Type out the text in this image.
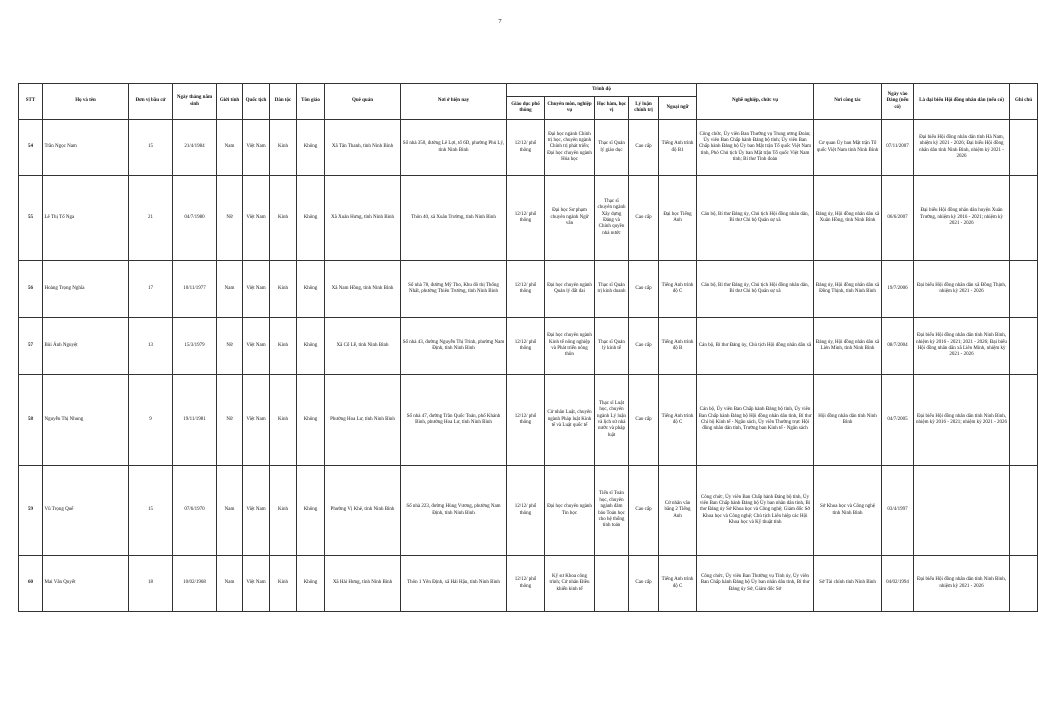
7
STT	Họ và tên	Đơn vị bầu cử	Ngày tháng năm sinh	Giới tính	Quốc tịch	Dân tộc	Tôn giáo	Quê quán	Nơi ở hiện nay	Trình độ					Nghề nghiệp, chức vụ	Nơi công tác	Ngày vào Đảng (nếu có)	Là đại biểu Hội đồng nhân dân (nếu có)	Ghi chú
										Giáo dục phổ thông	Chuyên môn, nghiệp vụ	Học hàm, học vị	Lý luận chính trị	Ngoại ngữ					
54	Trần Ngọc Nam	15	21/4/1984	Nam	Việt Nam	Kinh	Không	Xã Tân Thanh, tỉnh Ninh Bình	Số nhà 350, đường Lê Lợi, tổ 6D, phường Phủ Lý, tỉnh Ninh Bình	12/12/ phổ thông	Đại học ngành Chính trị học, chuyên ngành Chính trị phát triển; Đại học chuyên ngành Hóa học	Thạc sĩ Quản lý giáo dục	Cao cấp	Tiếng Anh trình độ B1	Công chức, Ủy viên Ban Thường vụ Trung ương Đoàn; Ủy viên Ban Chấp hành Đảng bộ tỉnh; Ủy viên Ban Chấp hành Đảng bộ Ủy ban Mặt trận Tổ quốc Việt Nam tỉnh, Phó Chủ tịch Ủy ban Mặt trận Tổ quốc Việt Nam tỉnh; Bí thư Tỉnh đoàn	Cơ quan Ủy ban Mặt trận Tổ quốc Việt Nam tỉnh Ninh Bình	07/11/2007	Đại biểu Hội đồng nhân dân tỉnh Hà Nam, nhiệm kỳ 2021 - 2026; Đại biểu Hội đồng nhân dân tỉnh Ninh Bình, nhiệm kỳ 2021 - 2026	
55	Lê Thị Tố Nga	21	04/7/1980	Nữ	Việt Nam	Kinh	Không	Xã Xuân Hưng, tỉnh Ninh Bình	Thôn 40, xã Xuân Trường, tỉnh Ninh Bình	12/12/ phổ thông	Đại học Sư phạm chuyên ngành Ngữ văn	Thạc sĩ chuyên ngành Xây dựng Đảng và Chính quyền nhà nước	Cao cấp	Đại học Tiếng Anh	Cán bộ, Bí thư Đảng ủy, Chủ tịch Hội đồng nhân dân, Bí thư Chi bộ Quân sự xã	Đảng ủy, Hội đồng nhân dân xã Xuân Hồng, tỉnh Ninh Bình	06/6/2007	Đại biểu Hội đồng nhân dân huyện Xuân Trường, nhiệm kỳ 2016 - 2021; nhiệm kỳ 2021 - 2026	
56	Hoàng Trọng Nghĩa	17	10/11/1977	Nam	Việt Nam	Kinh	Không	Xã Nam Hồng, tỉnh Ninh Bình	Số nhà 78, đường Mỹ Tho, Khu đô thị Thống Nhất, phường Thiên Trường, tỉnh Ninh Bình	12/12/ phổ thông	Đại học chuyên ngành Quản lý đất đai	Thạc sĩ Quản trị kinh doanh	Cao cấp	Tiếng Anh trình độ C	Cán bộ, Bí thư Đảng ủy, Chủ tịch Hội đồng nhân dân, Bí thư Chi bộ Quân sự xã	Đảng ủy, Hội đồng nhân dân xã Đồng Thịnh, tỉnh Ninh Bình	19/7/2006	Đại biểu Hội đồng nhân dân xã Đồng Thịnh, nhiệm kỳ 2021 - 2026	
57	Bùi Ánh Nguyệt	13	15/3/1979	Nữ	Việt Nam	Kinh	Không	Xã Cổ Lễ, tỉnh Ninh Bình	Số nhà 43, đường Nguyễn Thị Trinh, phường Nam Định, tỉnh Ninh Bình	12/12/ phổ thông	Đại học chuyên ngành Kinh tế nông nghiệp và Phát triển nông thôn	Thạc sĩ Quản lý kinh tế	Cao cấp	Tiếng Anh trình độ B	Cán bộ, Bí thư Đảng ủy, Chủ tịch Hội đồng nhân dân xã	Đảng ủy, Hội đồng nhân dân xã Liên Minh, tỉnh Ninh Bình	08/7/2004	Đại biểu Hội đồng nhân dân tỉnh Ninh Bình, nhiệm kỳ 2016 - 2021; 2021 - 2026; Đại biểu Hội đồng nhân dân xã Liên Minh, nhiệm kỳ 2021 - 2026	
58	Nguyễn Thị Nhung	9	19/11/1981	Nữ	Việt Nam	Kinh	Không	Phường Hoa Lư, tỉnh Ninh Bình	Số nhà 47, đường Trần Quốc Toản, phố Khánh Bình, phường Hoa Lư, tỉnh Ninh Bình	12/12/ phổ thông	Cử nhân Luật, chuyên ngành Pháp luật Kinh tế và Luật quốc tế	Thạc sĩ Luật học, chuyên ngành Lý luận và lịch sử nhà nước và pháp luật	Cao cấp	Tiếng Anh trình độ C	Cán bộ, Ủy viên Ban Chấp hành Đảng bộ tỉnh, Ủy viên Ban Chấp hành Đảng bộ Hội đồng nhân dân tỉnh, Bí thư Chi bộ Kinh tế - Ngân sách, Ủy viên Thường trực Hội đồng nhân dân tỉnh, Trưởng ban Kinh tế - Ngân sách	Hội đồng nhân dân tỉnh Ninh Bình	04/7/2005	Đại biểu Hội đồng nhân dân tỉnh Ninh Bình, nhiệm kỳ 2016 - 2021; nhiệm kỳ 2021 - 2026	
59	Vũ Trọng Quế	15	07/6/1970	Nam	Việt Nam	Kinh	Không	Phường Vị Khê, tỉnh Ninh Bình	Số nhà 223, đường Hùng Vương, phường Nam Định, tỉnh Ninh Bình	12/12/ phổ thông	Đại học chuyên ngành Tin học	Tiến sĩ Toán học, chuyên ngành đảm bảo Toán học cho hệ thống tính toán	Cao cấp	Cử nhân văn bằng 2 Tiếng Anh	Công chức, Ủy viên Ban Chấp hành Đảng bộ tỉnh, Ủy viên Ban Chấp hành Đảng bộ Ủy ban nhân dân tỉnh, Bí thư Đảng ủy Sở Khoa học và Công nghệ; Giám đốc Sở Khoa học và Công nghệ; Chủ tịch Liên hiệp các Hội Khoa học và Kỹ thuật tỉnh	Sở Khoa học và Công nghệ tỉnh Ninh Bình	03/4/1997		
60	Mai Văn Quyết	18	10/02/1968	Nam	Việt Nam	Kinh	Không	Xã Hải Hưng, tỉnh Ninh Bình	Thôn 1 Yên Định, xã Hải Hậu, tỉnh Ninh Bình	12/12/ phổ thông	Kỹ sư Khoa công trình; Cử nhân Điều khiển kinh tế		Cao cấp	Tiếng Anh trình độ C	Công chức, Ủy viên Ban Thường vụ Tỉnh ủy, Ủy viên Ban Chấp hành Đảng bộ Ủy ban nhân dân tỉnh, Bí thư Đảng ủy Sở, Giám đốc Sở	Sở Tài chính tỉnh Ninh Bình	04/02/1994	Đại biểu Hội đồng nhân dân tỉnh Ninh Bình, nhiệm kỳ 2021 - 2026	
